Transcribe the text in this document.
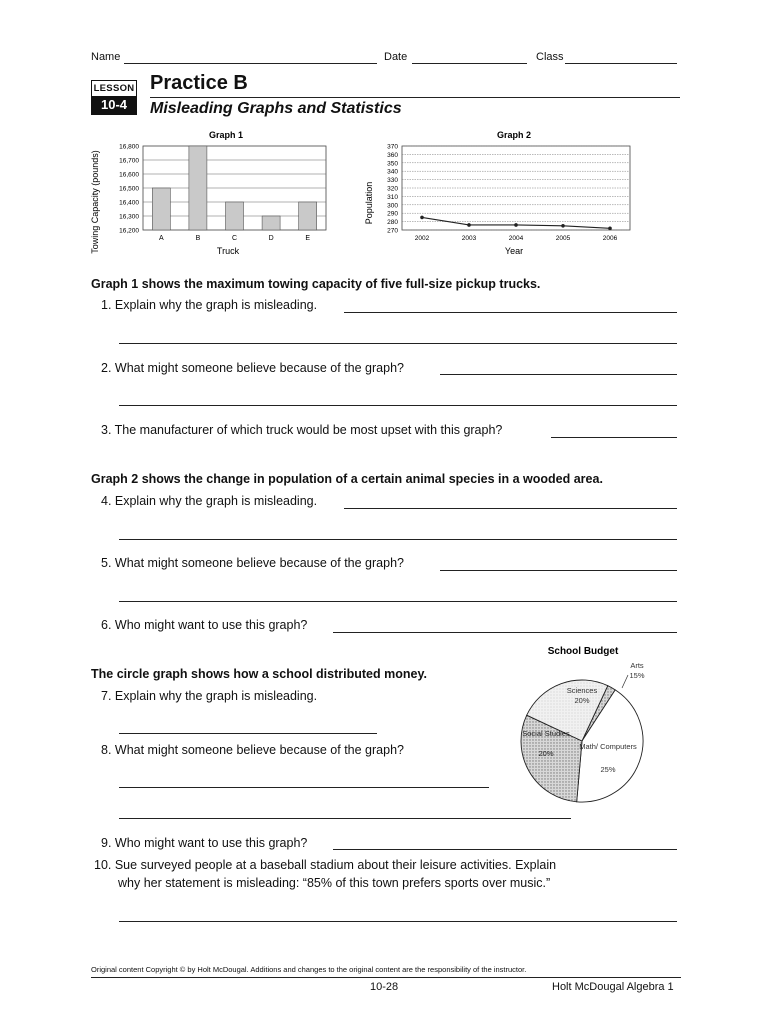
Name	Date	Class
LESSON
10-4
Practice B
Misleading Graphs and Statistics
Graph 1
Truck
Towing Capacity (pounds)
16,800
16,700
16,600
16,500
16,400
16,300
16,200
A	B	C	D	E
Graph 2
Year
Population
370
360
350
340
330
320
310
300
290
280
270
2002	2003	2004	2005	2006
Graph 1 shows the maximum towing capacity of five full-size pickup trucks.
1. Explain why the graph is misleading.
2. What might someone believe because of the graph?
3. The manufacturer of which truck would be most upset with this graph?
Graph 2 shows the change in population of a certain animal species in a wooded area.
4. Explain why the graph is misleading.
5. What might someone believe because of the graph?
6. Who might want to use this graph?
The circle graph shows how a school distributed money.
7. Explain why the graph is misleading.
8. What might someone believe because of the graph?
School Budget
Arts
15%
Sciences
20%
Social Studies
20%
Math/ Computers
25%
9. Who might want to use this graph?
10. Sue surveyed people at a baseball stadium about their leisure activities. Explain
why her statement is misleading: “85% of this town prefers sports over music.”
Original content Copyright © by Holt McDougal. Additions and changes to the original content are the responsibility of the instructor.
10-28	Holt McDougal Algebra 1
